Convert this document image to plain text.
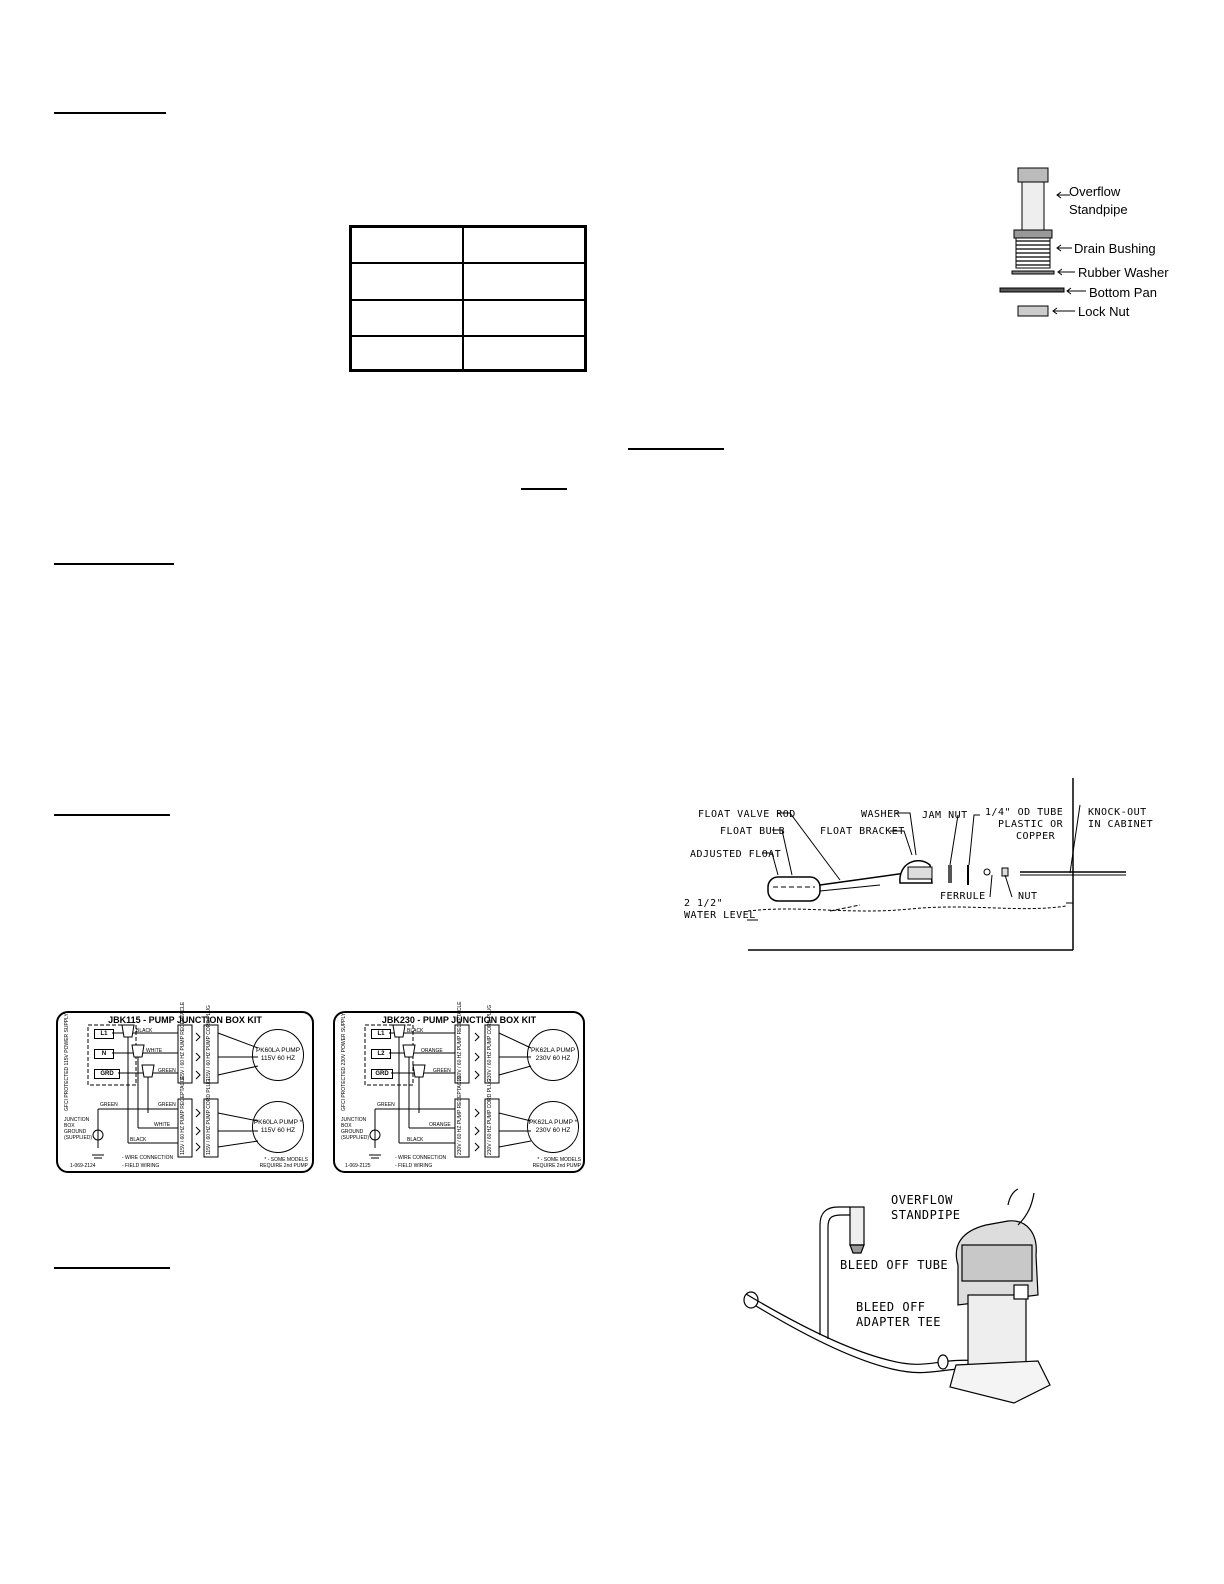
Overflow
Standpipe
Drain Bushing
Rubber Washer
Bottom Pan
Lock Nut
FLOAT VALVE ROD
FLOAT BULB
ADJUSTED FLOAT
2 1/2"
WATER LEVEL
WASHER
FLOAT BRACKET
JAM NUT 1/4" OD TUBE
PLASTIC OR
COPPER
KNOCK-OUT
IN CABINET
FERRULE	NUT
JBK115 - PUMP JUNCTION BOX KIT
GFCI PROTECTED 115V POWER SUPPLY	L1
N
GRD
BLACK
WHITE
GREEN
GREEN	GREEN
WHITE
BLACK
115V / 60 HZ PUMP RECEPTACLE	115V / 60 HZ PUMP CORD PLUG
115V / 60 HZ PUMP RECEPTACLE	115V / 60 HZ PUMP CORD PLUG
PK60LA PUMP 115V 60 HZ
PK60LA PUMP * 115V 60 HZ
JUNCTION BOX GROUND (SUPPLIED)
1-069-2124
- WIRE CONNECTION
- FIELD WIRING
* - SOME MODELS REQUIRE 2nd PUMP
JBK230 - PUMP JUNCTION BOX KIT
GFCI PROTECTED 230V POWER SUPPLY	L1
L2
GRD
BLACK
ORANGE
GREEN
GREEN
ORANGE
BLACK
230V / 60 HZ PUMP RECEPTACLE	230V / 60 HZ PUMP CORD PLUG
230V / 60 HZ PUMP RECEPTACLE	230V / 60 HZ PUMP CORD PLUG
PK62LA PUMP 230V 60 HZ
PK62LA PUMP * 230V 60 HZ
JUNCTION BOX GROUND (SUPPLIED)
1-069-2125
- WIRE CONNECTION
- FIELD WIRING
* - SOME MODELS REQUIRE 2nd PUMP
OVERFLOW
STANDPIPE
BLEED OFF TUBE
BLEED OFF
ADAPTER TEE
